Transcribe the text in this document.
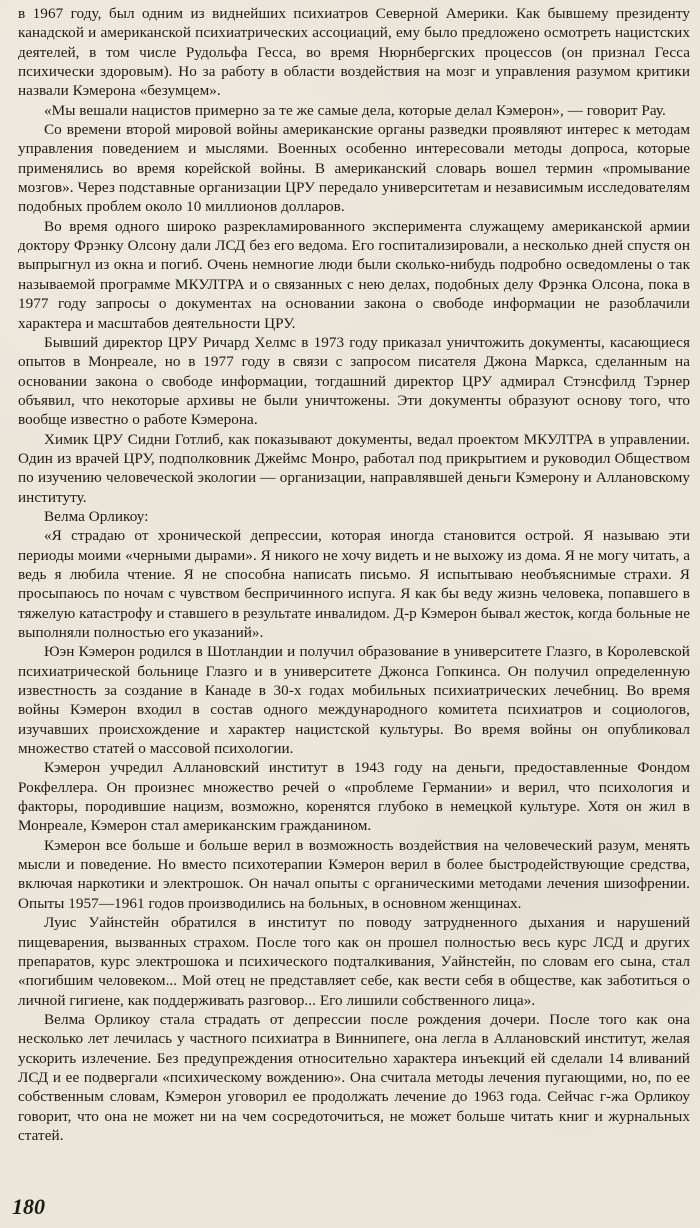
в 1967 году, был одним из виднейших психиатров Северной Америки. Как бывшему президенту канадской и американской психиатрических ассоциаций, ему было предложено осмотреть нацистских деятелей, в том числе Рудольфа Гесса, во время Нюрнбергских процессов (он признал Гесса психически здоровым). Но за работу в области воздействия на мозг и управления разумом критики назвали Кэмерона «безумцем».

«Мы вешали нацистов примерно за те же самые дела, которые делал Кэмерон», — говорит Рау.

Со времени второй мировой войны американские органы разведки проявляют интерес к методам управления поведением и мыслями. Военных особенно интересовали методы допроса, которые применялись во время корейской войны. В американский словарь вошел термин «промывание мозгов». Через подставные организации ЦРУ передало университетам и независимым исследователям подобных проблем около 10 миллионов долларов.

Во время одного широко разрекламированного эксперимента служащему американской армии доктору Фрэнку Олсону дали ЛСД без его ведома. Его госпитализировали, а несколько дней спустя он выпрыгнул из окна и погиб. Очень немногие люди были сколько-нибудь подробно осведомлены о так называемой программе МКУЛТРА и о связанных с нею делах, подобных делу Фрэнка Олсона, пока в 1977 году запросы о документах на основании закона о свободе информации не разоблачили характера и масштабов деятельности ЦРУ.

Бывший директор ЦРУ Ричард Хелмс в 1973 году приказал уничтожить документы, касающиеся опытов в Монреале, но в 1977 году в связи с запросом писателя Джона Маркса, сделанным на основании закона о свободе информации, тогдашний директор ЦРУ адмирал Стэнсфилд Тэрнер объявил, что некоторые архивы не были уничтожены. Эти документы образуют основу того, что вообще известно о работе Кэмерона.

Химик ЦРУ Сидни Готлиб, как показывают документы, ведал проектом МКУЛТРА в управлении. Один из врачей ЦРУ, подполковник Джеймс Монро, работал под прикрытием и руководил Обществом по изучению человеческой экологии — организации, направлявшей деньги Кэмерону и Аллановскому институту.

Велма Орликоу:

«Я страдаю от хронической депрессии, которая иногда становится острой. Я называю эти периоды моими «черными дырами». Я никого не хочу видеть и не выхожу из дома. Я не могу читать, а ведь я любила чтение. Я не способна написать письмо. Я испытываю необъяснимые страхи. Я просыпаюсь по ночам с чувством беспричинного испуга. Я как бы веду жизнь человека, попавшего в тяжелую катастрофу и ставшего в результате инвалидом. Д-р Кэмерон бывал жесток, когда больные не выполняли полностью его указаний».

Юэн Кэмерон родился в Шотландии и получил образование в университете Глазго, в Королевской психиатрической больнице Глазго и в университете Джонса Гопкинса. Он получил определенную известность за создание в Канаде в 30-х годах мобильных психиатрических лечебниц. Во время войны Кэмерон входил в состав одного международного комитета психиатров и социологов, изучавших происхождение и характер нацистской культуры. Во время войны он опубликовал множество статей о массовой психологии.

Кэмерон учредил Аллановский институт в 1943 году на деньги, предоставленные Фондом Рокфеллера. Он произнес множество речей о «проблеме Германии» и верил, что психология и факторы, породившие нацизм, возможно, коренятся глубоко в немецкой культуре. Хотя он жил в Монреале, Кэмерон стал американским гражданином.

Кэмерон все больше и больше верил в возможность воздействия на человеческий разум, менять мысли и поведение. Но вместо психотерапии Кэмерон верил в более быстродействующие средства, включая наркотики и электрошок. Он начал опыты с органическими методами лечения шизофрении. Опыты 1957—1961 годов производились на больных, в основном женщинах.

Луис Уайнстейн обратился в институт по поводу затрудненного дыхания и нарушений пищеварения, вызванных страхом. После того как он прошел полностью весь курс ЛСД и других препаратов, курс электрошока и психического подталкивания, Уайнстейн, по словам его сына, стал «погибшим человеком... Мой отец не представляет себе, как вести себя в обществе, как заботиться о личной гигиене, как поддерживать разговор... Его лишили собственного лица».

Велма Орликоу стала страдать от депрессии после рождения дочери. После того как она несколько лет лечилась у частного психиатра в Виннипеге, она легла в Аллановский институт, желая ускорить излечение. Без предупреждения относительно характера инъекций ей сделали 14 вливаний ЛСД и ее подвергали «психическому вождению». Она считала методы лечения пугающими, но, по ее собственным словам, Кэмерон уговорил ее продолжать лечение до 1963 года. Сейчас г-жа Орликоу говорит, что она не может ни на чем сосредоточиться, не может больше читать книг и журнальных статей.

180
